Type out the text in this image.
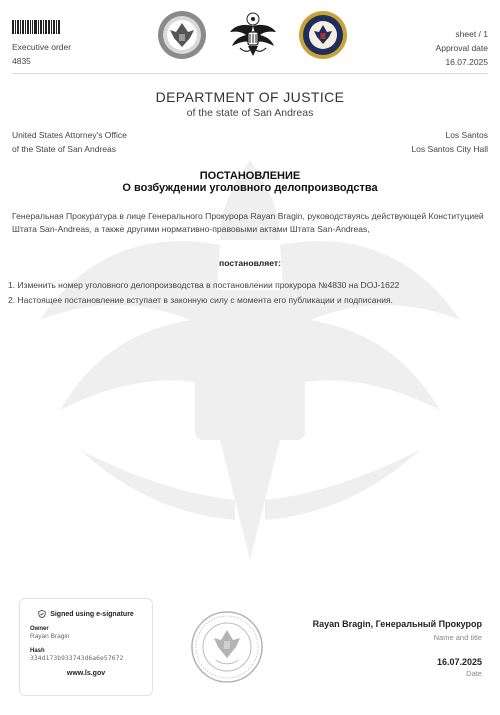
Executive order
4835
sheet / 1
Approval date
16.07.2025
DEPARTMENT OF JUSTICE
of the state of San Andreas
United States Attorney's Office
of the State of San Andreas
Los Santos
Los Santos City Hall
ПОСТАНОВЛЕНИЕ
О возбуждении уголовного делопроизводства
Генеральная Прокуратура в лице Генерального Прокурора Rayan Bragin, руководствуясь действующей Конституцией Штата San-Andreas, а также другими нормативно-правовыми актами Штата San-Andreas,
постановляет:
1. Изменить номер уголовного делопроизводства в постановлении прокурора №4830 на DOJ-1622
2. Настоящее постановление вступает в законную силу с момента его публикации и подписания.
Signed using e-signature
Owner
Rayan Bragin
Hash
334d173b933743d6a6e57672
www.ls.gov
Rayan Bragin, Генеральный Прокурор
Name and title
16.07.2025
Date
